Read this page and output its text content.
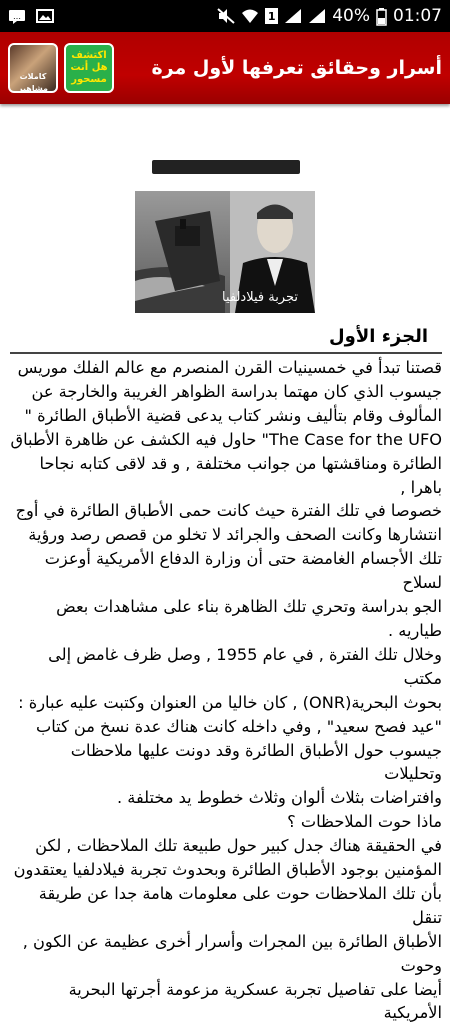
…	1	40% 01:07
كاملات مشاهير
اكتشف هل أنت مسحور
أسرار وحقائق تعرفها لأول مرة
تجربة فيلادلفيا
الجزء الأول

قصتنا تبدأ في خمسينيات القرن المنصرم مع عالم الفلك موريس

جيسوب الذي كان مهتما بدراسة الظواهر الغريبة والخارجة عن

المألوف وقام بتأليف ونشر كتاب يدعى قضية الأطباق الطائرة "

The Case for the UFO" حاول فيه الكشف عن ظاهرة الأطباق

الطائرة ومناقشتها من جوانب مختلفة , و قد لاقى كتابه نجاحا باهرا ,

خصوصا في تلك الفترة حيث كانت حمى الأطباق الطائرة في أوج

انتشارها وكانت الصحف والجرائد لا تخلو من قصص رصد ورؤية

تلك الأجسام الغامضة حتى أن وزارة الدفاع الأمريكية أوعزت لسلاح

الجو بدراسة وتحري تلك الظاهرة بناء على مشاهدات بعض طياريه .

وخلال تلك الفترة , في عام 1955 , وصل ظرف غامض إلى مكتب

بحوث البحرية(ONR) , كان خاليا من العنوان وكتبت عليه عبارة :

"عيد فصح سعيد" , وفي داخله كانت هناك عدة نسخ من كتاب

جيسوب حول الأطباق الطائرة وقد دونت عليها ملاحظات وتحليلات

وافتراضات بثلاث ألوان وثلاث خطوط يد مختلفة .

ماذا حوت الملاحظات ؟

في الحقيقة هناك جدل كبير حول طبيعة تلك الملاحظات , لكن

المؤمنين بوجود الأطباق الطائرة وبحدوث تجربة فيلادلفيا يعتقدون

بأن تلك الملاحظات حوت على معلومات هامة جدا عن طريقة تنقل

الأطباق الطائرة بين المجرات وأسرار أخرى عظيمة عن الكون , وحوت

أيضا على تفاصيل تجربة عسكرية مزعومة أجرتها البحرية الأمريكية
